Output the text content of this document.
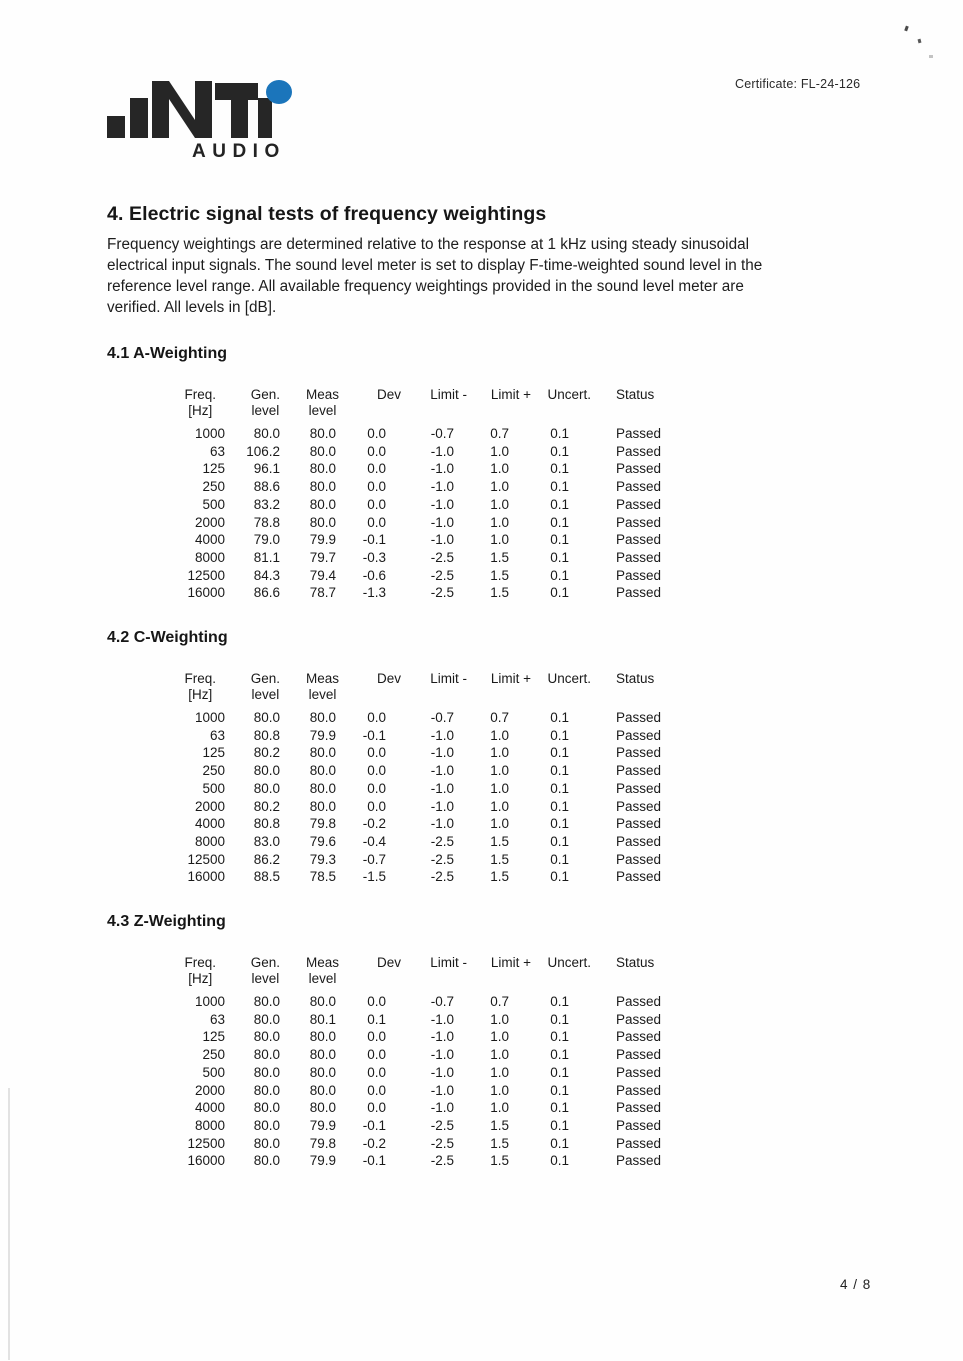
Certificate: FL-24-126
AUDIO
4. Electric signal tests of frequency weightings
Frequency weightings are determined relative to the response at 1 kHz using steady sinusoidal
electrical input signals. The sound level meter is set to display F-time-weighted sound level in the
reference level range. All available frequency weightings provided in the sound level meter are
verified. All levels in [dB].
4.1 A-Weighting
Freq.
[Hz]	Gen.
level	Meas
level	Dev	Limit -	Limit +	Uncert.	Status

1000	80.0	80.0	0.0	-0.7	0.7	0.1	Passed
63	106.2	80.0	0.0	-1.0	1.0	0.1	Passed
125	96.1	80.0	0.0	-1.0	1.0	0.1	Passed
250	88.6	80.0	0.0	-1.0	1.0	0.1	Passed
500	83.2	80.0	0.0	-1.0	1.0	0.1	Passed
2000	78.8	80.0	0.0	-1.0	1.0	0.1	Passed
4000	79.0	79.9	-0.1	-1.0	1.0	0.1	Passed
8000	81.1	79.7	-0.3	-2.5	1.5	0.1	Passed
12500	84.3	79.4	-0.6	-2.5	1.5	0.1	Passed
16000	86.6	78.7	-1.3	-2.5	1.5	0.1	Passed
4.2 C-Weighting
Freq.
[Hz]	Gen.
level	Meas
level	Dev	Limit -	Limit +	Uncert.	Status

1000	80.0	80.0	0.0	-0.7	0.7	0.1	Passed
63	80.8	79.9	-0.1	-1.0	1.0	0.1	Passed
125	80.2	80.0	0.0	-1.0	1.0	0.1	Passed
250	80.0	80.0	0.0	-1.0	1.0	0.1	Passed
500	80.0	80.0	0.0	-1.0	1.0	0.1	Passed
2000	80.2	80.0	0.0	-1.0	1.0	0.1	Passed
4000	80.8	79.8	-0.2	-1.0	1.0	0.1	Passed
8000	83.0	79.6	-0.4	-2.5	1.5	0.1	Passed
12500	86.2	79.3	-0.7	-2.5	1.5	0.1	Passed
16000	88.5	78.5	-1.5	-2.5	1.5	0.1	Passed
4.3 Z-Weighting
Freq.
[Hz]	Gen.
level	Meas
level	Dev	Limit -	Limit +	Uncert.	Status

1000	80.0	80.0	0.0	-0.7	0.7	0.1	Passed
63	80.0	80.1	0.1	-1.0	1.0	0.1	Passed
125	80.0	80.0	0.0	-1.0	1.0	0.1	Passed
250	80.0	80.0	0.0	-1.0	1.0	0.1	Passed
500	80.0	80.0	0.0	-1.0	1.0	0.1	Passed
2000	80.0	80.0	0.0	-1.0	1.0	0.1	Passed
4000	80.0	80.0	0.0	-1.0	1.0	0.1	Passed
8000	80.0	79.9	-0.1	-2.5	1.5	0.1	Passed
12500	80.0	79.8	-0.2	-2.5	1.5	0.1	Passed
16000	80.0	79.9	-0.1	-2.5	1.5	0.1	Passed
4 / 8
